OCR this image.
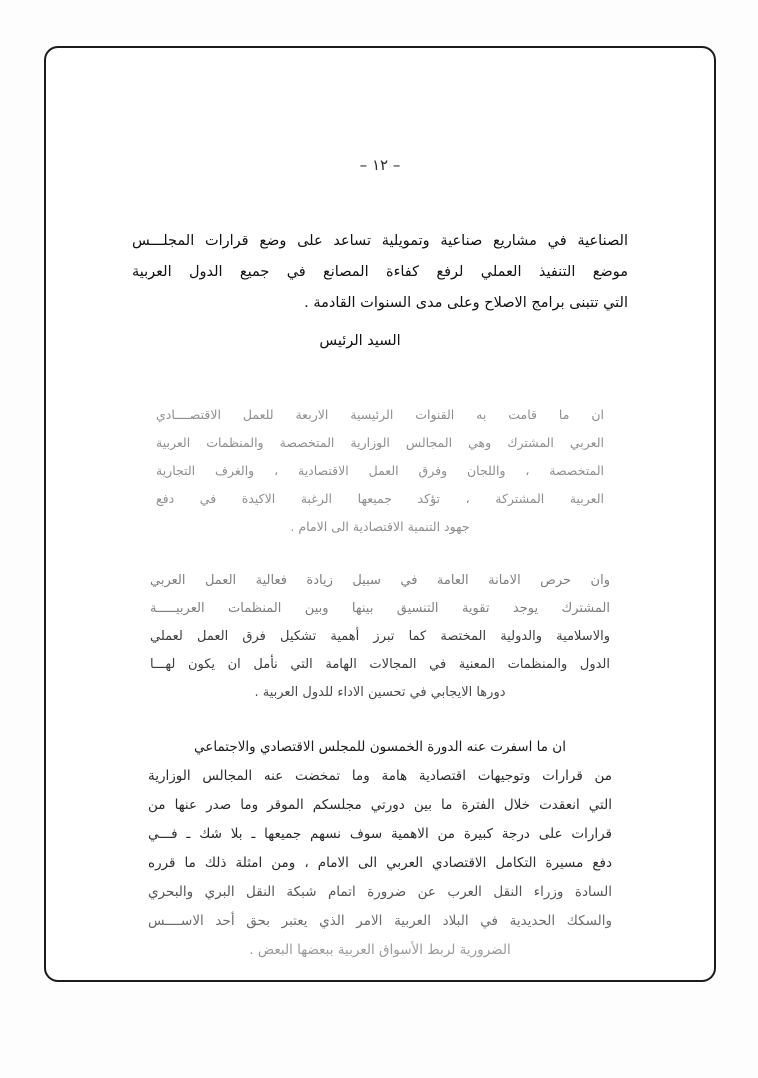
– ١٢ –
الصناعية في مشاريع صناعية وتمويلية تساعد على وضع قرارات المجلـــس
موضع التنفيذ العملي لرفع كفاءة المصانع في جميع الدول العربية
التي تتبنى برامج الاصلاح وعلى مدى السنوات القادمة .
السيد الرئيس
ان ما قامت به القنوات الرئيسية الاربعة للعمل الاقتصــــادي
العربي المشترك وهي المجالس الوزارية المتخصصة والمنظمات العربية
المتخصصة ، واللجان وفرق العمل الاقتصادية ، والغرف التجارية
العربية المشتركة ، تؤكد جميعها الرغبة الاكيدة في دفع
جهود التنمية الاقتصادية الى الامام .
وان حرص الامانة العامة في سبيل زيادة فعالية العمل العربي
المشترك يوجد تقوية التنسيق بينها وبين المنظمات العربيـــــة
والاسلامية والدولية المختصة كما تبرز أهمية تشكيل فرق العمل لعملي
الدول والمنظمات المعنية في المجالات الهامة التي نأمل ان يكون لهـــا
دورها الايجابي في تحسين الاداء للدول العربية .
ان ما اسفرت عنه الدورة الخمسون للمجلس الاقتصادي والاجتماعي
من قرارات وتوجيهات اقتصادية هامة وما تمخضت عنه المجالس الوزارية
التي انعقدت خلال الفترة ما بين دورتي مجلسكم الموقر وما صدر عنها من
قرارات على درجة كبيرة من الاهمية سوف نسهم جميعها ـ بلا شك ـ فـــي
دفع مسيرة التكامل الاقتصادي العربي الى الامام ، ومن امثلة ذلك ما قرره
السادة وزراء النقل العرب عن ضرورة اتمام شبكة النقل البري والبحري
والسكك الحديدية في البلاد العربية الامر الذي يعتبر بحق أحد الاســــس
الضرورية لربط الأسواق العربية ببعضها البعض .
